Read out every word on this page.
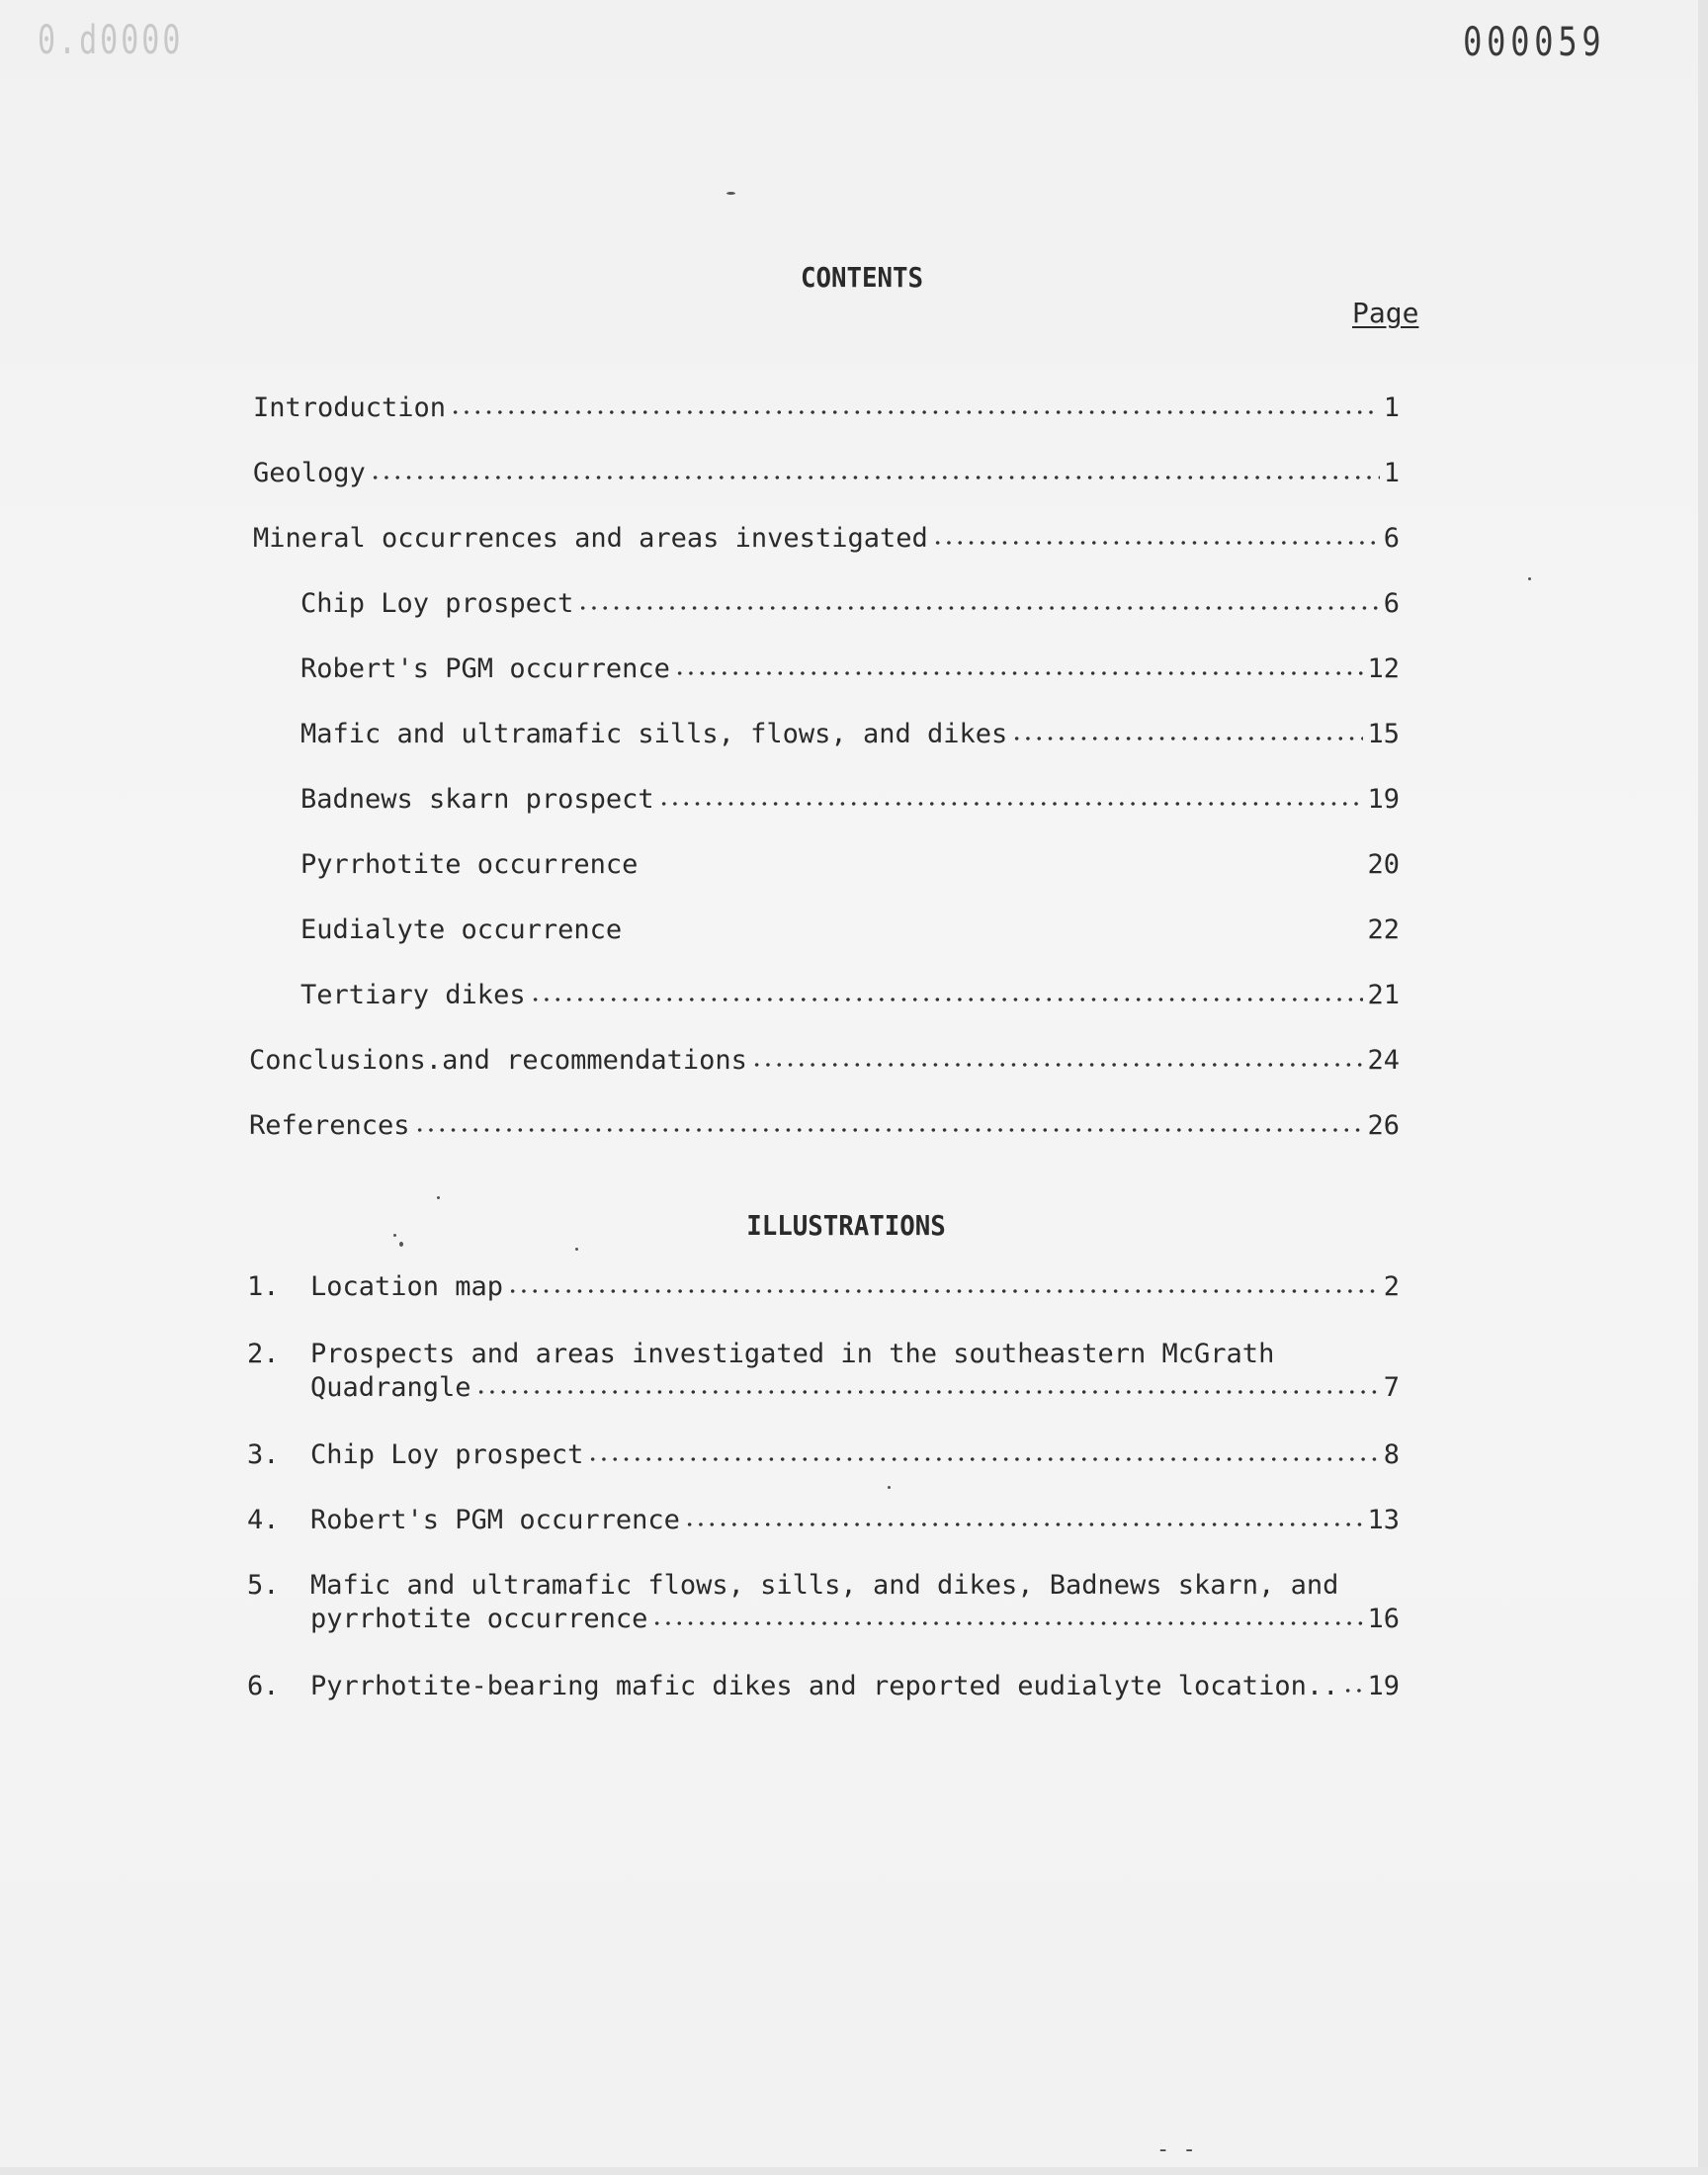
0.d0000	000059

CONTENTS

Page

Introduction	1
Geology	1
Mineral occurrences and areas investigated	6
Chip Loy prospect	6
Robert's PGM occurrence	12
Mafic and ultramafic sills, flows, and dikes	15
Badnews skarn prospect	19
Pyrrhotite occurrence	20
Eudialyte occurrence	22
Tertiary dikes	21
Conclusions.and recommendations	24
References	26
ILLUSTRATIONS
1. Location map	2
2. Prospects and areas investigated in the southeastern McGrath
Quadrangle	7
3. Chip Loy prospect	8
4. Robert's PGM occurrence	13
5. Mafic and ultramafic flows, sills, and dikes, Badnews skarn, and
pyrrhotite occurrence	16
6. Pyrrhotite-bearing mafic dikes and reported eudialyte location..	19

- -
